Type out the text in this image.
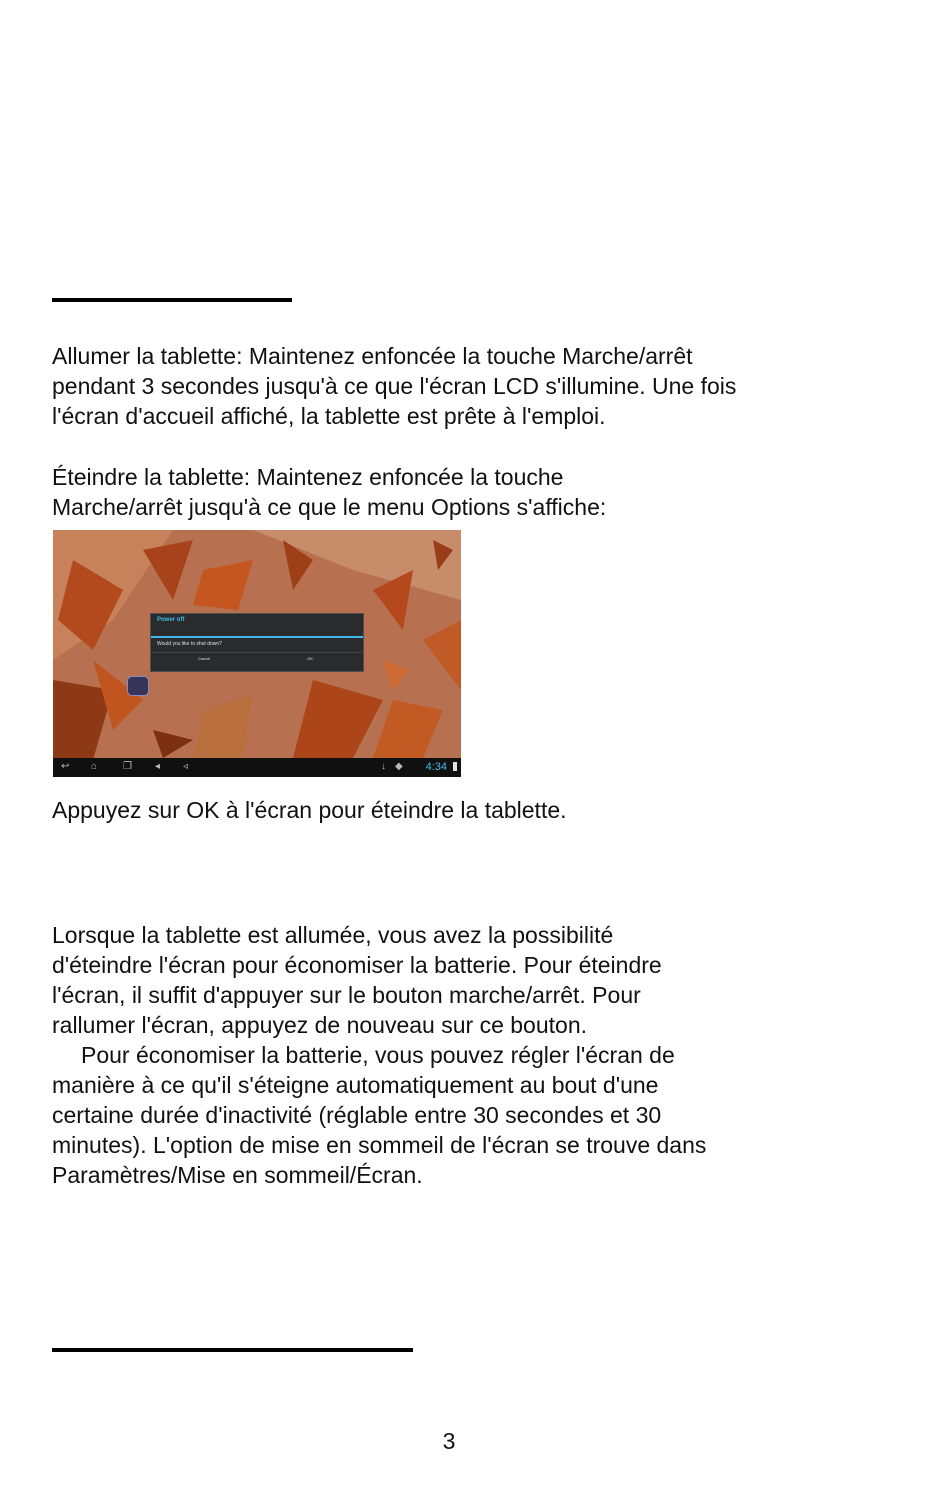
Allumer la tablette: Maintenez enfoncée la touche Marche/arrêt
pendant 3 secondes jusqu'à ce que l'écran LCD s'illumine. Une fois
l'écran d'accueil affiché, la tablette est prête à l'emploi.

Éteindre la tablette: Maintenez enfoncée la touche
Marche/arrêt jusqu'à ce que le menu Options s'affiche:

Power off
Would you like to shut down?
Cancel	OK
↩ ⌂	❐ ◂ ◃	↓ ◆ 4:34

Appuyez sur OK à l'écran pour éteindre la tablette.

Lorsque la tablette est allumée, vous avez la possibilité
d'éteindre l'écran pour économiser la batterie. Pour éteindre
l'écran, il suffit d'appuyer sur le bouton marche/arrêt. Pour
rallumer l'écran, appuyez de nouveau sur ce bouton.

Pour économiser la batterie, vous pouvez régler l'écran de
manière à ce qu'il s'éteigne automatiquement au bout d'une
certaine durée d'inactivité (réglable entre 30 secondes et 30
minutes). L'option de mise en sommeil de l'écran se trouve dans
Paramètres/Mise en sommeil/Écran.

3
